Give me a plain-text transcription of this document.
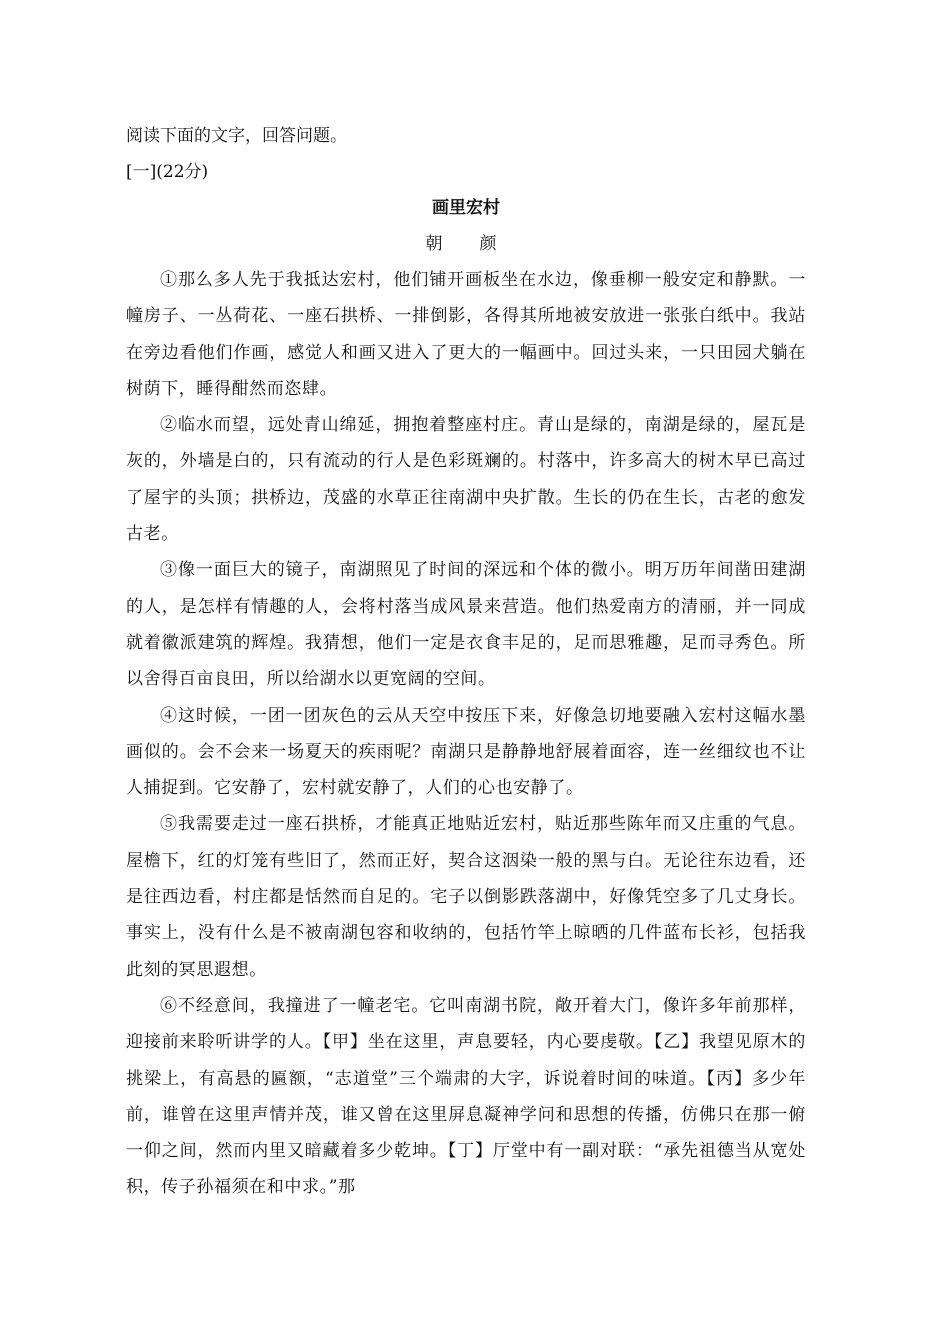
阅读下面的文字，回答问题。

[一](22分)

画里宏村

朝　颜

①那么多人先于我抵达宏村，他们铺开画板坐在水边，像垂柳一般安定和静默。一幢房子、一丛荷花、一座石拱桥、一排倒影，各得其所地被安放进一张张白纸中。我站在旁边看他们作画，感觉人和画又进入了更大的一幅画中。回过头来，一只田园犬躺在树荫下，睡得酣然而恣肆。

②临水而望，远处青山绵延，拥抱着整座村庄。青山是绿的，南湖是绿的，屋瓦是灰的，外墙是白的，只有流动的行人是色彩斑斓的。村落中，许多高大的树木早已高过了屋宇的头顶；拱桥边，茂盛的水草正往南湖中央扩散。生长的仍在生长，古老的愈发古老。

③像一面巨大的镜子，南湖照见了时间的深远和个体的微小。明万历年间凿田建湖的人，是怎样有情趣的人，会将村落当成风景来营造。他们热爱南方的清丽，并一同成就着徽派建筑的辉煌。我猜想，他们一定是衣食丰足的，足而思雅趣，足而寻秀色。所以舍得百亩良田，所以给湖水以更宽阔的空间。

④这时候，一团一团灰色的云从天空中按压下来，好像急切地要融入宏村这幅水墨画似的。会不会来一场夏天的疾雨呢？南湖只是静静地舒展着面容，连一丝细纹也不让人捕捉到。它安静了，宏村就安静了，人们的心也安静了。

⑤我需要走过一座石拱桥，才能真正地贴近宏村，贴近那些陈年而又庄重的气息。屋檐下，红的灯笼有些旧了，然而正好，契合这洇染一般的黑与白。无论往东边看，还是往西边看，村庄都是恬然而自足的。宅子以倒影跌落湖中，好像凭空多了几丈身长。事实上，没有什么是不被南湖包容和收纳的，包括竹竿上晾晒的几件蓝布长衫，包括我此刻的冥思遐想。

⑥不经意间，我撞进了一幢老宅。它叫南湖书院，敞开着大门，像许多年前那样，迎接前来聆听讲学的人。【甲】坐在这里，声息要轻，内心要虔敬。【乙】我望见原木的挑梁上，有高悬的匾额，“志道堂”三个端肃的大字，诉说着时间的味道。【丙】多少年前，谁曾在这里声情并茂，谁又曾在这里屏息凝神学问和思想的传播，仿佛只在那一俯一仰之间，然而内里又暗藏着多少乾坤。【丁】厅堂中有一副对联：“承先祖德当从宽处积，传子孙福须在和中求。”那
